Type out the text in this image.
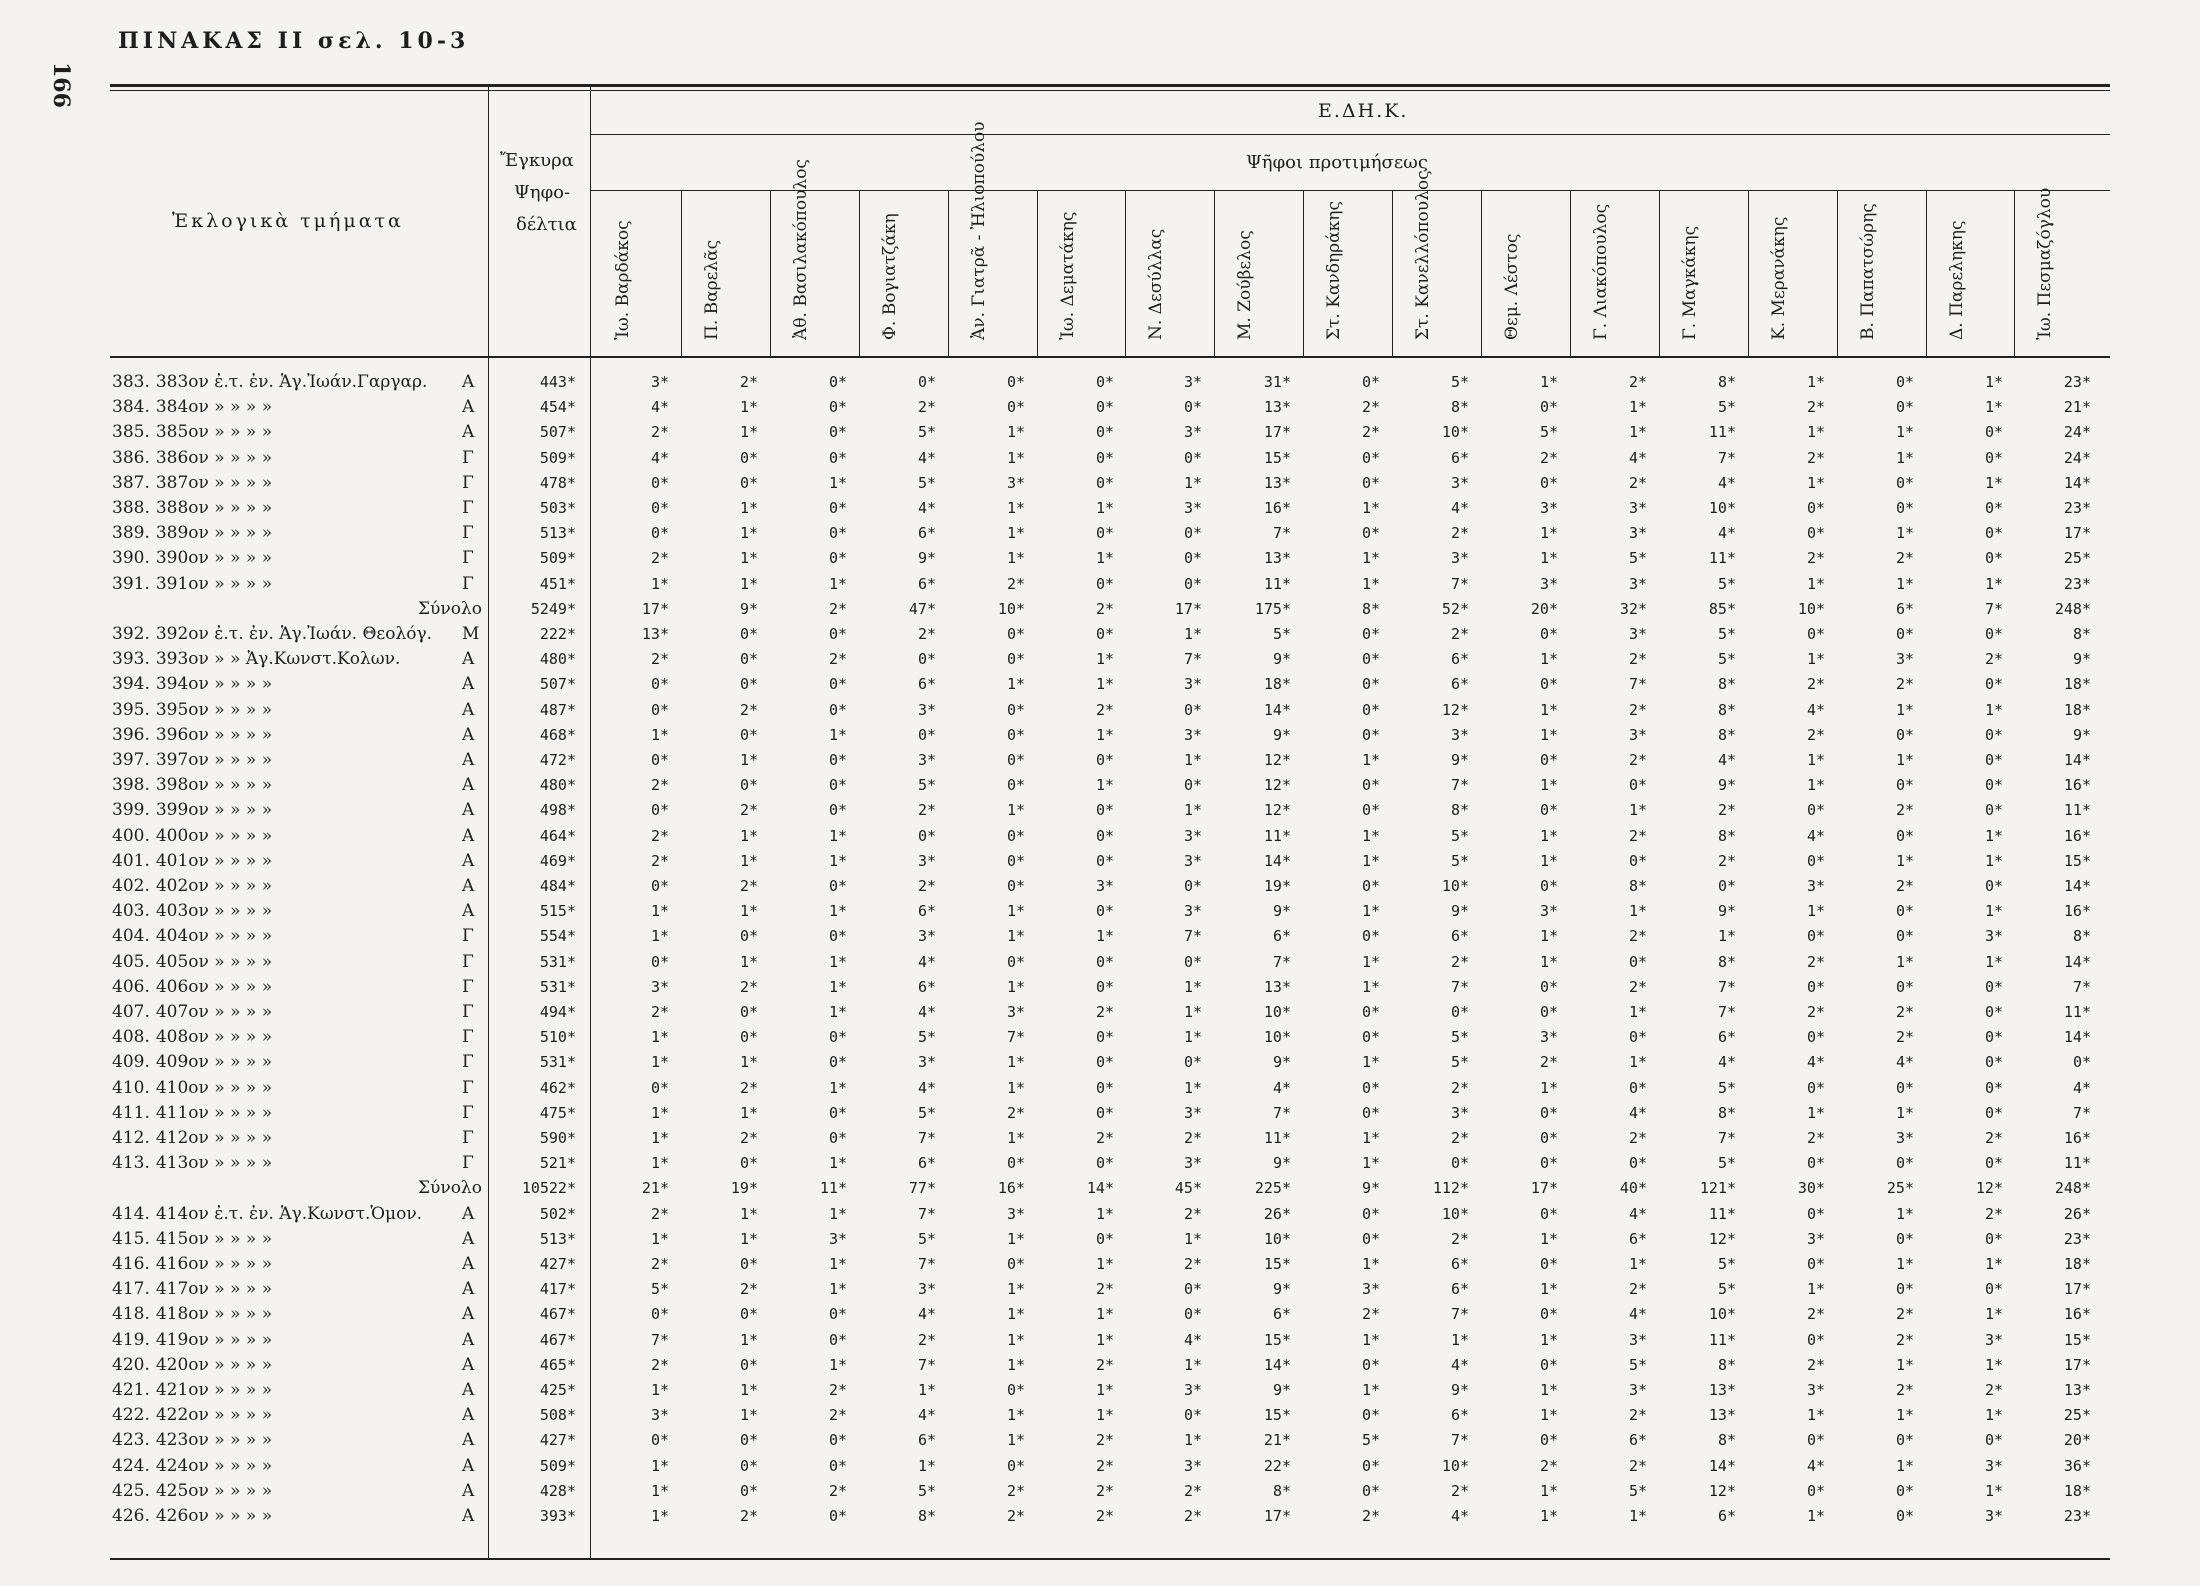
ΠΙΝΑΚΑΣ ΙΙ σελ. 10-3
166
Ἐκλογικὰ τμήματα
Ἔγκυρα
Ψηφο-
δέλτια
Ε.ΔΗ.Κ.
Ψῆφοι προτιμήσεως
Ἰω. Βαρδάκος	Π. Βαρελᾶς	Ἀθ. Βασιλακόπουλος	Φ. Βογιατζάκη	Ἀν. Γιατρᾶ - Ἠλιοπούλου	Ἰω. Δεματάκης	Ν. Δεσύλλας	Μ. Ζούβελος	Στ. Κανδηράκης	Στ. Κανελλόπουλος	Θεμ. Λέστος	Γ. Λιακόπουλος	Γ. Μαγκάκης	Κ. Μερανάκης	Β. Παπατσώρης	Δ. Παρεληκης	Ἰω. Πεσμαζόγλου
383. 383ον ἐ.τ. ἐν. Ἁγ.Ἰωάν.Γαργαρ. Α	443*	3*	2*	0*	0*	0*	0*	3*	31*	0*	5*	1*	2*	8*	1*	0*	1*	23*
384. 384ον » » » »	Α	454*	4*	1*	0*	2*	0*	0*	0*	13*	2*	8*	0*	1*	5*	2*	0*	1*	21*
385. 385ον » » » »	Α	507*	2*	1*	0*	5*	1*	0*	3*	17*	2*	10*	5*	1*	11*	1*	1*	0*	24*
386. 386ον » » » »	Γ	509*	4*	0*	0*	4*	1*	0*	0*	15*	0*	6*	2*	4*	7*	2*	1*	0*	24*
387. 387ον » » » »	Γ	478*	0*	0*	1*	5*	3*	0*	1*	13*	0*	3*	0*	2*	4*	1*	0*	1*	14*
388. 388ον » » » »	Γ	503*	0*	1*	0*	4*	1*	1*	3*	16*	1*	4*	3*	3*	10*	0*	0*	0*	23*
389. 389ον » » » »	Γ	513*	0*	1*	0*	6*	1*	0*	0*	7*	0*	2*	1*	3*	4*	0*	1*	0*	17*
390. 390ον » » » »	Γ	509*	2*	1*	0*	9*	1*	1*	0*	13*	1*	3*	1*	5*	11*	2*	2*	0*	25*
391. 391ον » » » »	Γ	451*	1*	1*	1*	6*	2*	0*	0*	11*	1*	7*	3*	3*	5*	1*	1*	1*	23*
Σύνολο	5249*	17*	9*	2*	47*	10*	2*	17*	175*	8*	52*	20*	32*	85*	10*	6*	7*	248*
392. 392ον ἐ.τ. ἐν. Ἁγ.Ἰωάν. Θεολόγ. Μ	222*	13*	0*	0*	2*	0*	0*	1*	5*	0*	2*	0*	3*	5*	0*	0*	0*	8*
393. 393ον » » Ἁγ.Κωνστ.Κολων.	Α	480*	2*	0*	2*	0*	0*	1*	7*	9*	0*	6*	1*	2*	5*	1*	3*	2*	9*
394. 394ον » » » »	Α	507*	0*	0*	0*	6*	1*	1*	3*	18*	0*	6*	0*	7*	8*	2*	2*	0*	18*
395. 395ον » » » »	Α	487*	0*	2*	0*	3*	0*	2*	0*	14*	0*	12*	1*	2*	8*	4*	1*	1*	18*
396. 396ον » » » »	Α	468*	1*	0*	1*	0*	0*	1*	3*	9*	0*	3*	1*	3*	8*	2*	0*	0*	9*
397. 397ον » » » »	Α	472*	0*	1*	0*	3*	0*	0*	1*	12*	1*	9*	0*	2*	4*	1*	1*	0*	14*
398. 398ον » » » »	Α	480*	2*	0*	0*	5*	0*	1*	0*	12*	0*	7*	1*	0*	9*	1*	0*	0*	16*
399. 399ον » » » »	Α	498*	0*	2*	0*	2*	1*	0*	1*	12*	0*	8*	0*	1*	2*	0*	2*	0*	11*
400. 400ον » » » »	Α	464*	2*	1*	1*	0*	0*	0*	3*	11*	1*	5*	1*	2*	8*	4*	0*	1*	16*
401. 401ον » » » »	Α	469*	2*	1*	1*	3*	0*	0*	3*	14*	1*	5*	1*	0*	2*	0*	1*	1*	15*
402. 402ον » » » »	Α	484*	0*	2*	0*	2*	0*	3*	0*	19*	0*	10*	0*	8*	0*	3*	2*	0*	14*
403. 403ον » » » »	Α	515*	1*	1*	1*	6*	1*	0*	3*	9*	1*	9*	3*	1*	9*	1*	0*	1*	16*
404. 404ον » » » »	Γ	554*	1*	0*	0*	3*	1*	1*	7*	6*	0*	6*	1*	2*	1*	0*	0*	3*	8*
405. 405ον » » » »	Γ	531*	0*	1*	1*	4*	0*	0*	0*	7*	1*	2*	1*	0*	8*	2*	1*	1*	14*
406. 406ον » » » »	Γ	531*	3*	2*	1*	6*	1*	0*	1*	13*	1*	7*	0*	2*	7*	0*	0*	0*	7*
407. 407ον » » » »	Γ	494*	2*	0*	1*	4*	3*	2*	1*	10*	0*	0*	0*	1*	7*	2*	2*	0*	11*
408. 408ον » » » »	Γ	510*	1*	0*	0*	5*	7*	0*	1*	10*	0*	5*	3*	0*	6*	0*	2*	0*	14*
409. 409ον » » » »	Γ	531*	1*	1*	0*	3*	1*	0*	0*	9*	1*	5*	2*	1*	4*	4*	4*	0*	0*
410. 410ον » » » »	Γ	462*	0*	2*	1*	4*	1*	0*	1*	4*	0*	2*	1*	0*	5*	0*	0*	0*	4*
411. 411ον » » » »	Γ	475*	1*	1*	0*	5*	2*	0*	3*	7*	0*	3*	0*	4*	8*	1*	1*	0*	7*
412. 412ον » » » »	Γ	590*	1*	2*	0*	7*	1*	2*	2*	11*	1*	2*	0*	2*	7*	2*	3*	2*	16*
413. 413ον » » » »	Γ	521*	1*	0*	1*	6*	0*	0*	3*	9*	1*	0*	0*	0*	5*	0*	0*	0*	11*
Σύνολο	10522*	21*	19*	11*	77*	16*	14*	45*	225*	9*	112*	17*	40*	121*	30*	25*	12*	248*
414. 414ον ἐ.τ. ἐν. Ἁγ.Κωνστ.Ὁμον. Α	502*	2*	1*	1*	7*	3*	1*	2*	26*	0*	10*	0*	4*	11*	0*	1*	2*	26*
415. 415ον » » » »	Α	513*	1*	1*	3*	5*	1*	0*	1*	10*	0*	2*	1*	6*	12*	3*	0*	0*	23*
416. 416ον » » » »	Α	427*	2*	0*	1*	7*	0*	1*	2*	15*	1*	6*	0*	1*	5*	0*	1*	1*	18*
417. 417ον » » » »	Α	417*	5*	2*	1*	3*	1*	2*	0*	9*	3*	6*	1*	2*	5*	1*	0*	0*	17*
418. 418ον » » » »	Α	467*	0*	0*	0*	4*	1*	1*	0*	6*	2*	7*	0*	4*	10*	2*	2*	1*	16*
419. 419ον » » » »	Α	467*	7*	1*	0*	2*	1*	1*	4*	15*	1*	1*	1*	3*	11*	0*	2*	3*	15*
420. 420ον » » » »	Α	465*	2*	0*	1*	7*	1*	2*	1*	14*	0*	4*	0*	5*	8*	2*	1*	1*	17*
421. 421ον » » » »	Α	425*	1*	1*	2*	1*	0*	1*	3*	9*	1*	9*	1*	3*	13*	3*	2*	2*	13*
422. 422ον » » » »	Α	508*	3*	1*	2*	4*	1*	1*	0*	15*	0*	6*	1*	2*	13*	1*	1*	1*	25*
423. 423ον » » » »	Α	427*	0*	0*	0*	6*	1*	2*	1*	21*	5*	7*	0*	6*	8*	0*	0*	0*	20*
424. 424ον » » » »	Α	509*	1*	0*	0*	1*	0*	2*	3*	22*	0*	10*	2*	2*	14*	4*	1*	3*	36*
425. 425ον » » » »	Α	428*	1*	0*	2*	5*	2*	2*	2*	8*	0*	2*	1*	5*	12*	0*	0*	1*	18*
426. 426ον » » » »	Α	393*	1*	2*	0*	8*	2*	2*	2*	17*	2*	4*	1*	1*	6*	1*	0*	3*	23*
